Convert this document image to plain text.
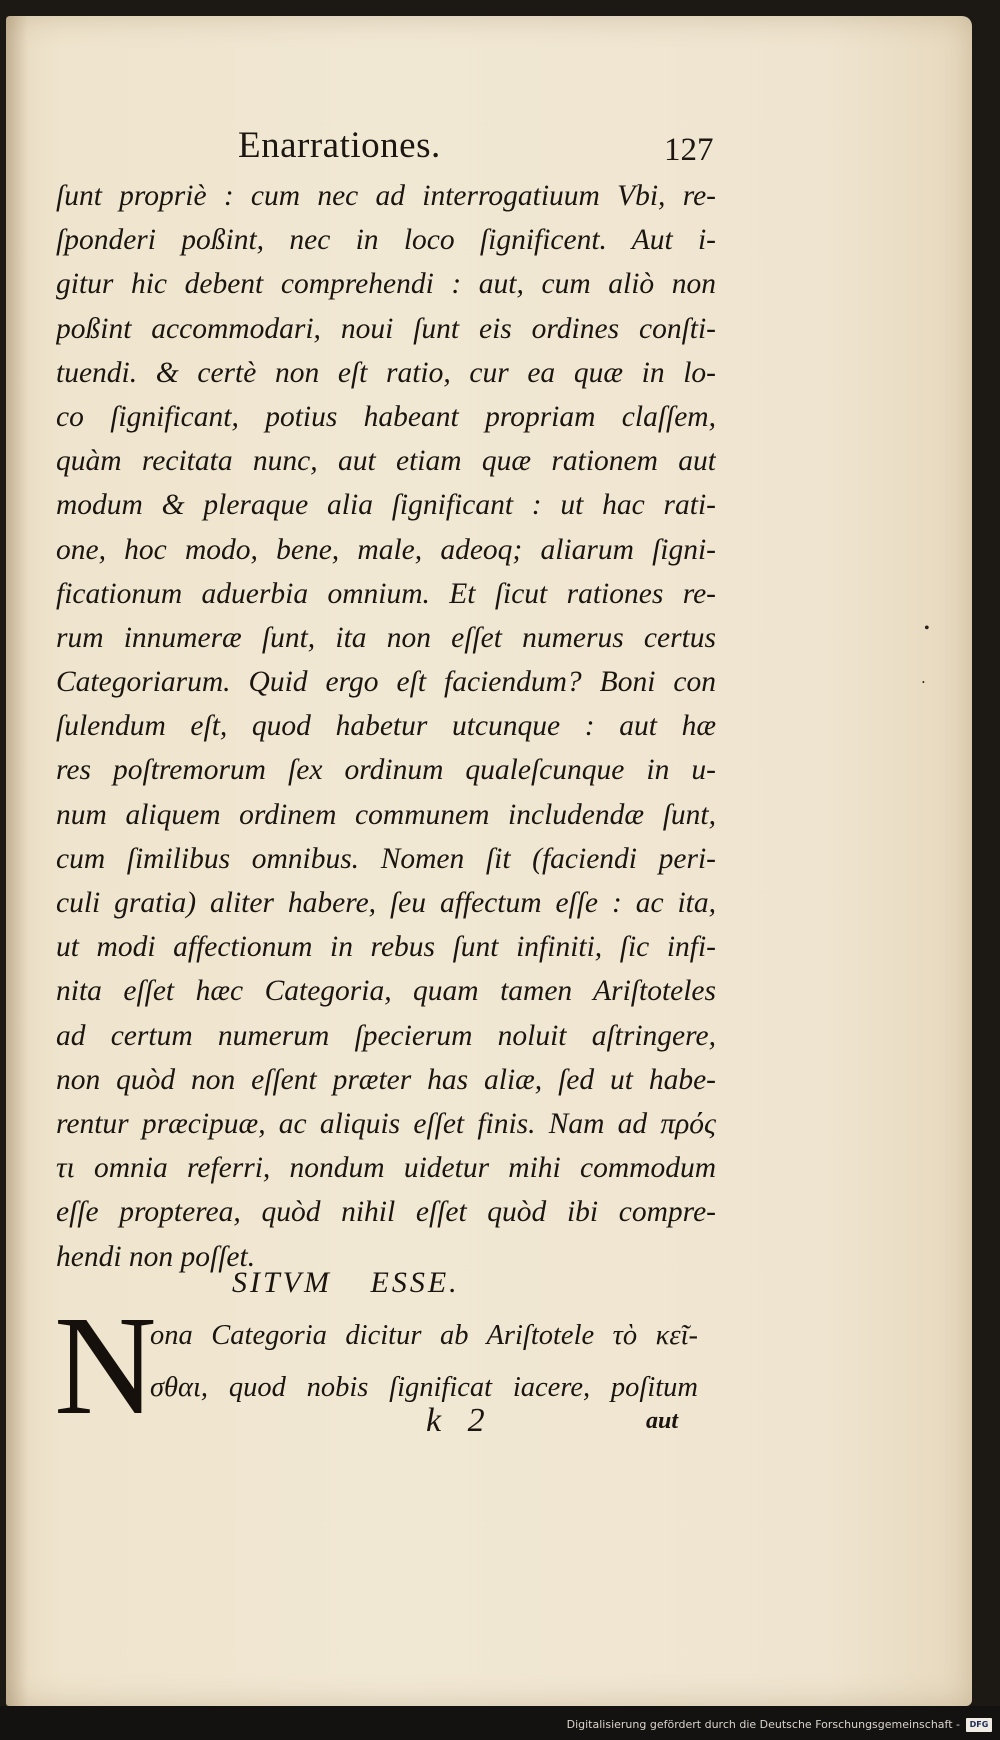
Enarrationes.	127
ſunt propriè : cum nec ad interrogatiuum Vbi, re-
ſponderi poßint, nec in loco ſignificent. Aut i-
gitur hic debent comprehendi : aut, cum aliò non
poßint accommodari, noui ſunt eis ordines conſti-
tuendi. & certè non eſt ratio, cur ea quæ in lo-
co ſignificant, potius habeant propriam claſſem,
quàm recitata nunc, aut etiam quæ rationem aut
modum & pleraque alia ſignificant : ut hac rati-
one, hoc modo, bene, male, adeoq; aliarum ſigni-
ficationum aduerbia omnium. Et ſicut rationes re-
rum innumeræ ſunt, ita non eſſet numerus certus
Categoriarum. Quid ergo eſt faciendum? Boni con
ſulendum eſt, quod habetur utcunque : aut hæ
res poſtremorum ſex ordinum qualeſcunque in u-
num aliquem ordinem communem includendæ ſunt,
cum ſimilibus omnibus. Nomen ſit (faciendi peri-
culi gratia) aliter habere, ſeu affectum eſſe : ac ita,
ut modi affectionum in rebus ſunt infiniti, ſic infi-
nita eſſet hæc Categoria, quam tamen Ariſtoteles
ad certum numerum ſpecierum noluit aſtringere,
non quòd non eſſent præter has aliæ, ſed ut habe-
rentur præcipuæ, ac aliquis eſſet finis. Nam ad πρός
τι omnia referri, nondum uidetur mihi commodum
eſſe propterea, quòd nihil eſſet quòd ibi compre-
hendi non poſſet.
SITVM ESSE.
N
ona Categoria dicitur ab Ariſtotele τὸ κεῖ-
σθαι, quod nobis ſignificat iacere, poſitum
k 2	aut
•
•
Digitalisierung gefördert durch die Deutsche Forschungsgemeinschaft -	DFG
